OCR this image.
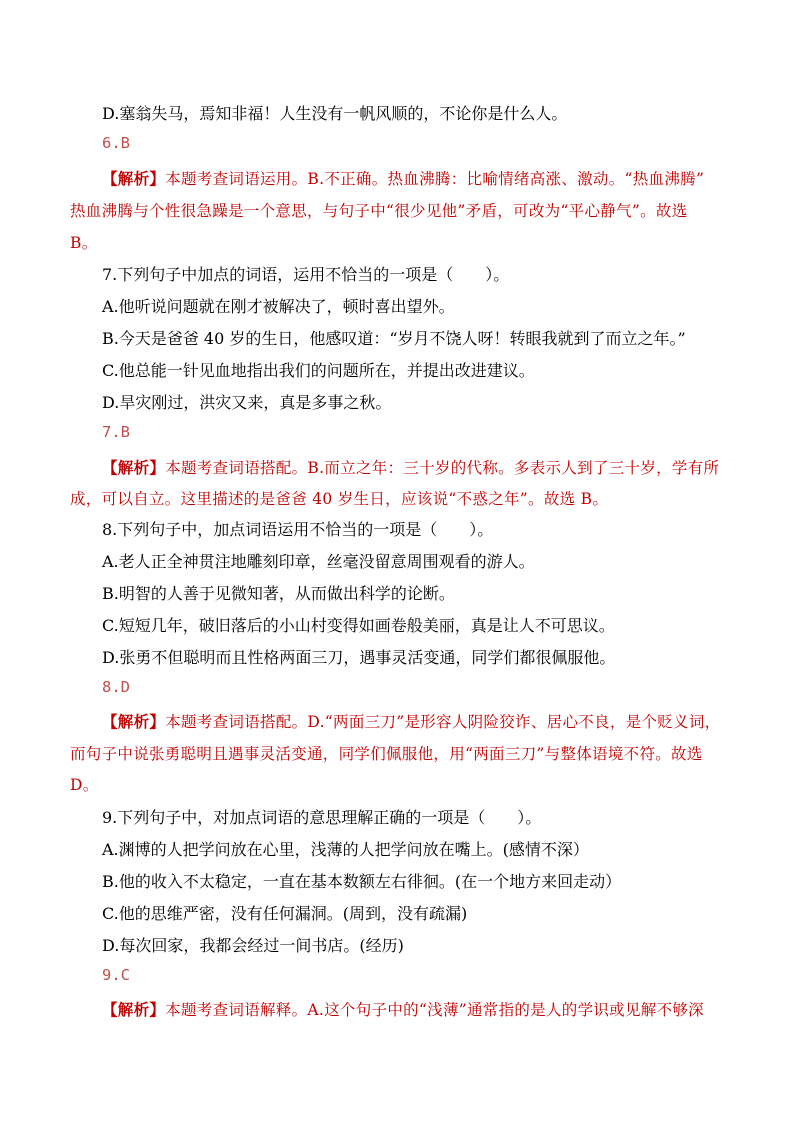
D.塞翁失马，焉知非福！人生没有一帆风顺的，不论你是什么人。
6.B
【解析】本题考查词语运用。B.不正确。热血沸腾：比喻情绪高涨、激动。“热血沸腾”
热血沸腾与个性很急躁是一个意思，与句子中“很少见他”矛盾，可改为“平心静气”。故选
B。
7.下列句子中加点的词语，运用不恰当的一项是（　　）。
A.他听说问题就在刚才被解决了，顿时喜出望外。
B.今天是爸爸 40 岁的生日，他感叹道：“岁月不饶人呀！转眼我就到了而立之年。”
C.他总能一针见血地指出我们的问题所在，并提出改进建议。
D.旱灾刚过，洪灾又来，真是多事之秋。
7.B
【解析】本题考查词语搭配。B.而立之年：三十岁的代称。多表示人到了三十岁，学有所
成，可以自立。这里描述的是爸爸 40 岁生日，应该说“不惑之年”。故选 B。
8.下列句子中，加点词语运用不恰当的一项是（　　）。
A.老人正全神贯注地雕刻印章，丝毫没留意周围观看的游人。
B.明智的人善于见微知著，从而做出科学的论断。
C.短短几年，破旧落后的小山村变得如画卷般美丽，真是让人不可思议。
D.张勇不但聪明而且性格两面三刀，遇事灵活变通，同学们都很佩服他。
8.D
【解析】本题考查词语搭配。D.“两面三刀”是形容人阴险狡诈、居心不良，是个贬义词，
而句子中说张勇聪明且遇事灵活变通，同学们佩服他，用“两面三刀”与整体语境不符。故选
D。
9.下列句子中，对加点词语的意思理解正确的一项是（　　）。
A.渊博的人把学问放在心里，浅薄的人把学问放在嘴上。(感情不深）
B.他的收入不太稳定，一直在基本数额左右徘徊。(在一个地方来回走动）
C.他的思维严密，没有任何漏洞。(周到，没有疏漏)
D.每次回家，我都会经过一间书店。(经历)
9.C
【解析】本题考查词语解释。A.这个句子中的“浅薄”通常指的是人的学识或见解不够深
